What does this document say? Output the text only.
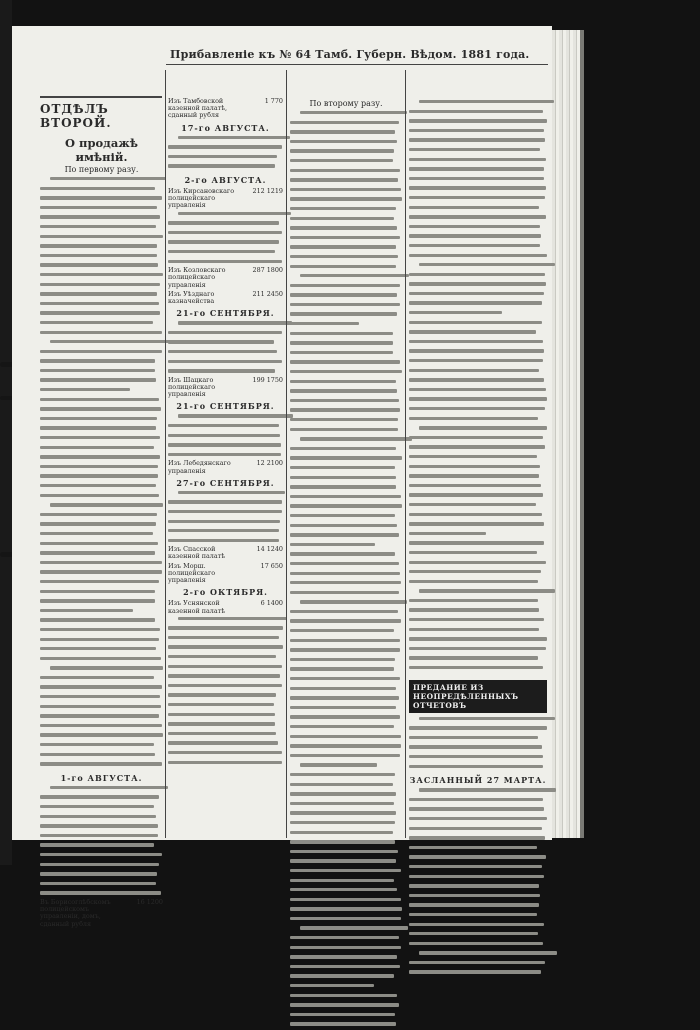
Прибавленіе къ № 64 Тамб. Губерн. Вѣдом. 1881 года.
ОТДѢЛЪ ВТОРОЙ.
О продажѣ имѣній.
По первому разу.
1-го АВГУСТА.
Въ Борисоглѣбскомъ полицейскомъ управленіи, домъ, сданный рубля
16 1200
Изъ Тамбовской казенной палатѣ, сданный рубля
1 770
17-го АВГУСТА.
2-го АВГУСТА.
Изъ Кирсановскаго полицейскаго управленія
212 1219
Изъ Козловскаго полицейскаго управленія
287 1800
Изъ Уѣзднаго казначейства
211 2450
21-го СЕНТЯБРЯ.
Изъ Шацкаго полицейскаго управленія
199 1750
21-го СЕНТЯБРЯ.
Изъ Лебедянскаго управленія
12 2100
27-го СЕНТЯБРЯ.
Изъ Спасской казенной палатѣ
14 1240
Изъ Морш. полицейскаго управленія
17 650
2-го ОКТЯБРЯ.
Изъ Уснянской казенной палатѣ
6 1400
По второму разу.
ПРЕДАНИЕ ИЗ НЕОПРЕДѢЛЕННЫХЪ ОТЧЕТОВЪ
ЗАСЛАННЫЙ 27 МАРТА.
